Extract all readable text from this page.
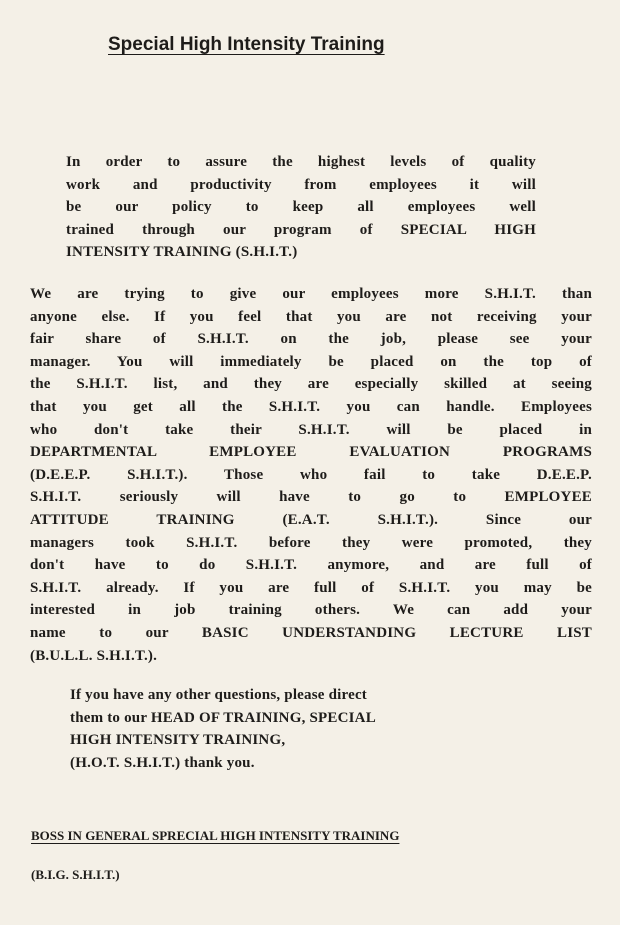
Special High Intensity Training
In order to assure the highest levels of quality
work and productivity from employees it will
be our policy to keep all employees well
trained through our program of SPECIAL HIGH
INTENSITY TRAINING (S.H.I.T.)
We are trying to give our employees more S.H.I.T. than
anyone else. If you feel that you are not receiving your
fair share of S.H.I.T. on the job, please see your
manager. You will immediately be placed on the top of
the S.H.I.T. list, and they are especially skilled at seeing
that you get all the S.H.I.T. you can handle. Employees
who don't take their S.H.I.T. will be placed in
DEPARTMENTAL EMPLOYEE EVALUATION PROGRAMS
(D.E.E.P. S.H.I.T.). Those who fail to take D.E.E.P.
S.H.I.T. seriously will have to go to EMPLOYEE
ATTITUDE TRAINING (E.A.T. S.H.I.T.). Since our
managers took S.H.I.T. before they were promoted, they
don't have to do S.H.I.T. anymore, and are full of
S.H.I.T. already. If you are full of S.H.I.T. you may be
interested in job training others. We can add your
name to our BASIC UNDERSTANDING LECTURE LIST
(B.U.L.L. S.H.I.T.).
If you have any other questions, please direct
them to our HEAD OF TRAINING, SPECIAL
HIGH INTENSITY TRAINING,
(H.O.T. S.H.I.T.) thank you.

BOSS IN GENERAL SPRECIAL HIGH INTENSITY TRAINING

(B.I.G. S.H.I.T.)
